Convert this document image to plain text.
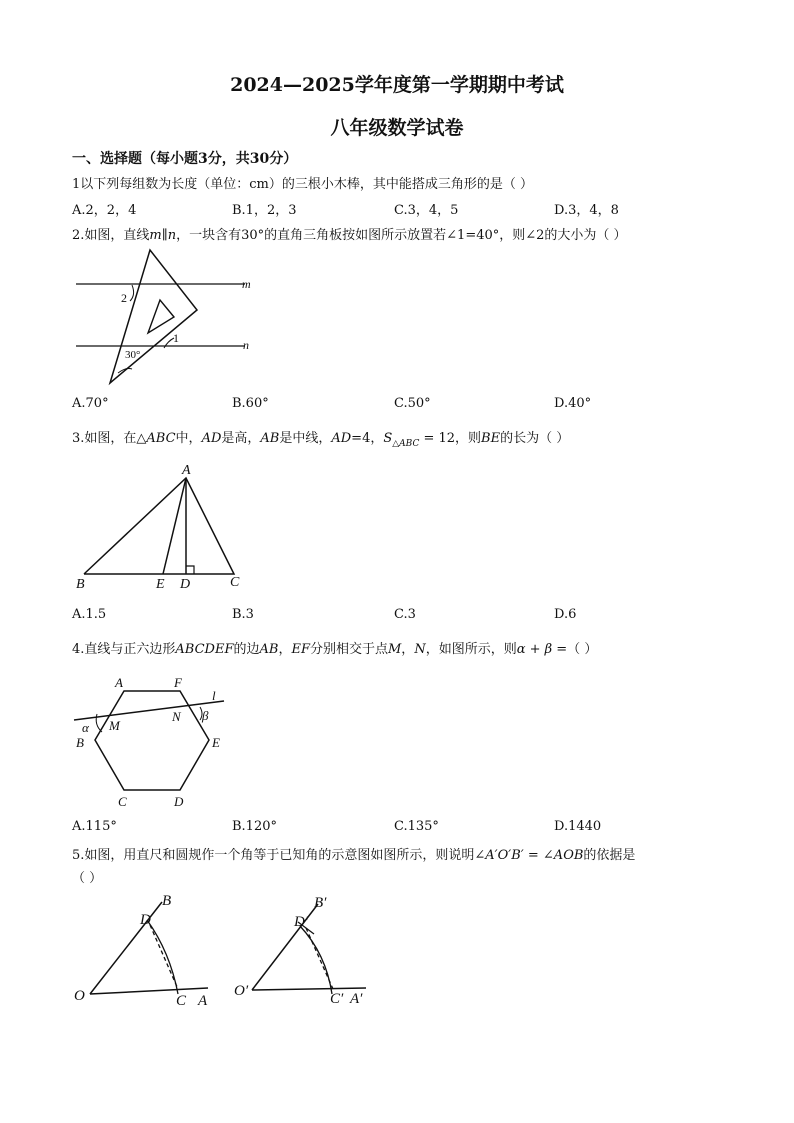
2024—2025学年度第一学期期中考试
八年级数学试卷
一、选择题（每小题3分，共30分）
1以下列每组数为长度（单位：cm）的三根小木棒，其中能搭成三角形的是（ ）
A.2，2，4	B.1，2，3	C.3，4，5	D.3，4，8
2.如图，直线m∥n，一块含有30°的直角三角板按如图所示放置若∠1=40°，则∠2的大小为（ ）
m
n
2
1
30°
A.70°	B.60°	C.50°	D.40°
3.如图，在△ABC中，AD是高，AB是中线，AD=4，$S_{\triangle ABC} = 12$，则BE的长为（ ）
A
B	E D	C
A.1.5	B.3	C.3	D.6
4.直线与正六边形ABCDEF的边AB，EF分别相交于点M，N，如图所示，则α + β =（ ）
A	F
l
α M
N β
B	E
C	D
A.115°	B.120°	C.135°	D.1440
5.如图，用直尺和圆规作一个角等于已知角的示意图如图所示，则说明∠A′O′B′ = ∠AOB的依据是
（ ）
B
D
O	C A
B′
D′
O′	C′ A′
